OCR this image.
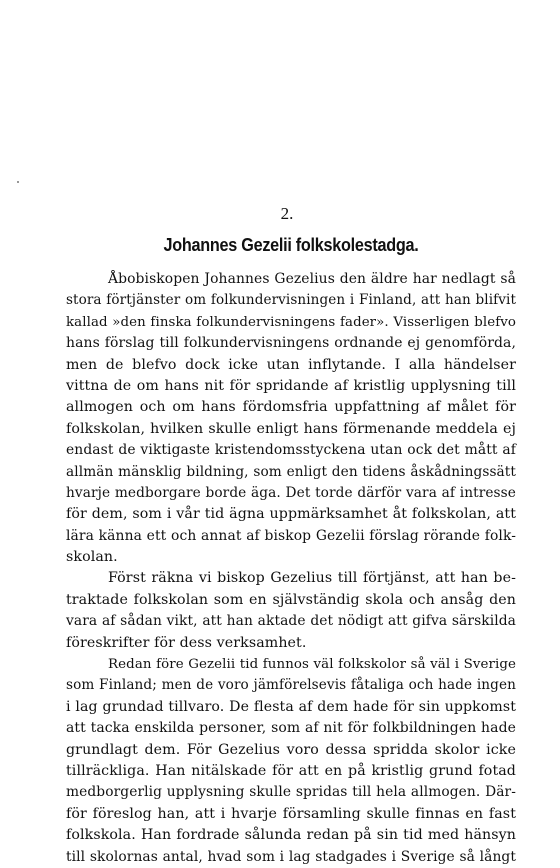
2.
Johannes Gezelii folkskolestadga.
Åbobiskopen Johannes Gezelius den äldre har nedlagt så
stora förtjänster om folkundervisningen i Finland, att han blifvit
kallad »den finska folkundervisningens fader». Visserligen blefvo
hans förslag till folkundervisningens ordnande ej genomförda,
men de blefvo dock icke utan inflytande. I alla händelser
vittna de om hans nit för spridande af kristlig upplysning till
allmogen och om hans fördomsfria uppfattning af målet för
folkskolan, hvilken skulle enligt hans förmenande meddela ej
endast de viktigaste kristendomsstyckena utan ock det mått af
allmän mänsklig bildning, som enligt den tidens åskådningssätt
hvarje medborgare borde äga. Det torde därför vara af intresse
för dem, som i vår tid ägna uppmärksamhet åt folkskolan, att
lära känna ett och annat af biskop Gezelii förslag rörande folk-
skolan.
Först räkna vi biskop Gezelius till förtjänst, att han be-
traktade folkskolan som en självständig skola och ansåg den
vara af sådan vikt, att han aktade det nödigt att gifva särskilda
föreskrifter för dess verksamhet.
Redan före Gezelii tid funnos väl folkskolor så väl i Sverige
som Finland; men de voro jämförelsevis fåtaliga och hade ingen
i lag grundad tillvaro. De flesta af dem hade för sin uppkomst
att tacka enskilda personer, som af nit för folkbildningen hade
grundlagt dem. För Gezelius voro dessa spridda skolor icke
tillräckliga. Han nitälskade för att en på kristlig grund fotad
medborgerlig upplysning skulle spridas till hela allmogen. Där-
för föreslog han, att i hvarje församling skulle finnas en fast
folkskola. Han fordrade sålunda redan på sin tid med hänsyn
till skolornas antal, hvad som i lag stadgades i Sverige så långt
